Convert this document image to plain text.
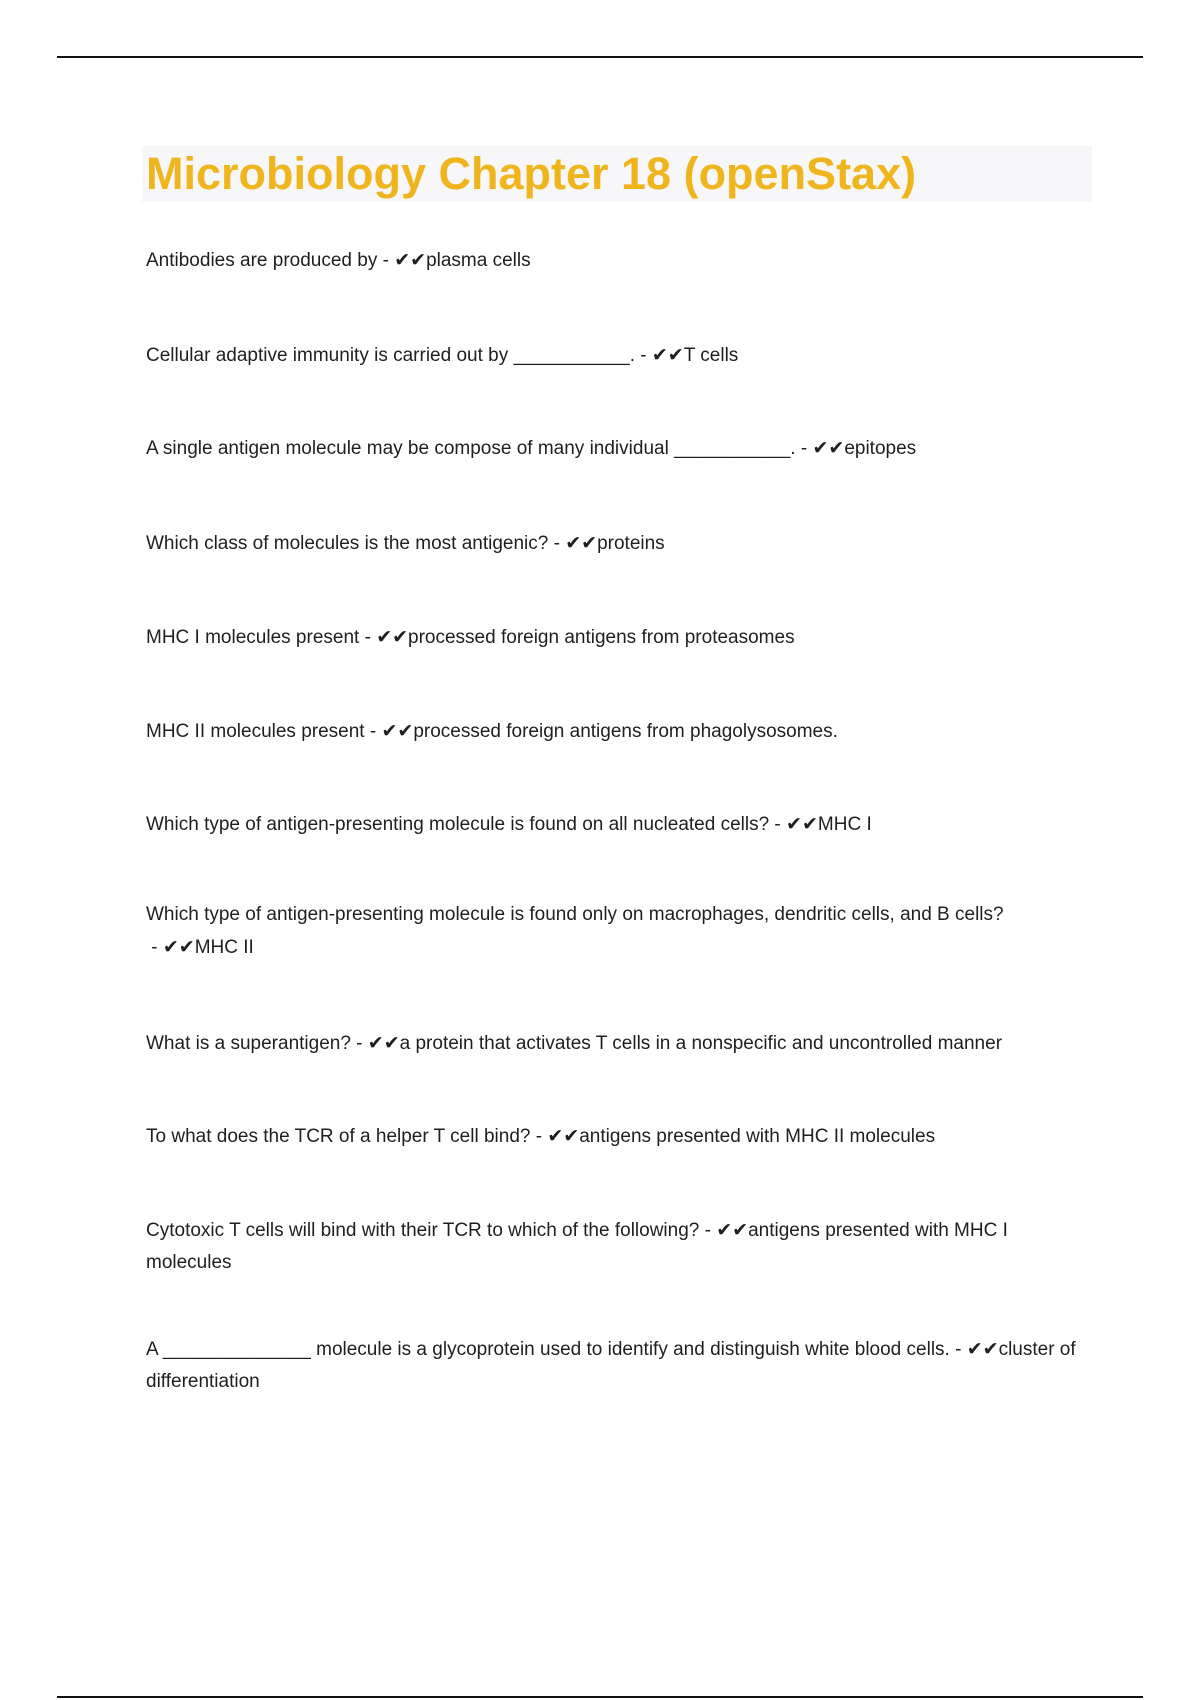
Microbiology Chapter 18 (openStax)
Antibodies are produced by - ✔✔plasma cells
Cellular adaptive immunity is carried out by ___________. - ✔✔T cells
A single antigen molecule may be compose of many individual ___________. - ✔✔epitopes
Which class of molecules is the most antigenic? - ✔✔proteins
MHC I molecules present - ✔✔processed foreign antigens from proteasomes
MHC II molecules present - ✔✔processed foreign antigens from phagolysosomes.
Which type of antigen-presenting molecule is found on all nucleated cells? - ✔✔MHC I
Which type of antigen-presenting molecule is found only on macrophages, dendritic cells, and B cells? - ✔✔MHC II
What is a superantigen? - ✔✔a protein that activates T cells in a nonspecific and uncontrolled manner
To what does the TCR of a helper T cell bind? - ✔✔antigens presented with MHC II molecules
Cytotoxic T cells will bind with their TCR to which of the following? - ✔✔antigens presented with MHC I molecules
A ______________ molecule is a glycoprotein used to identify and distinguish white blood cells. - ✔✔cluster of differentiation
